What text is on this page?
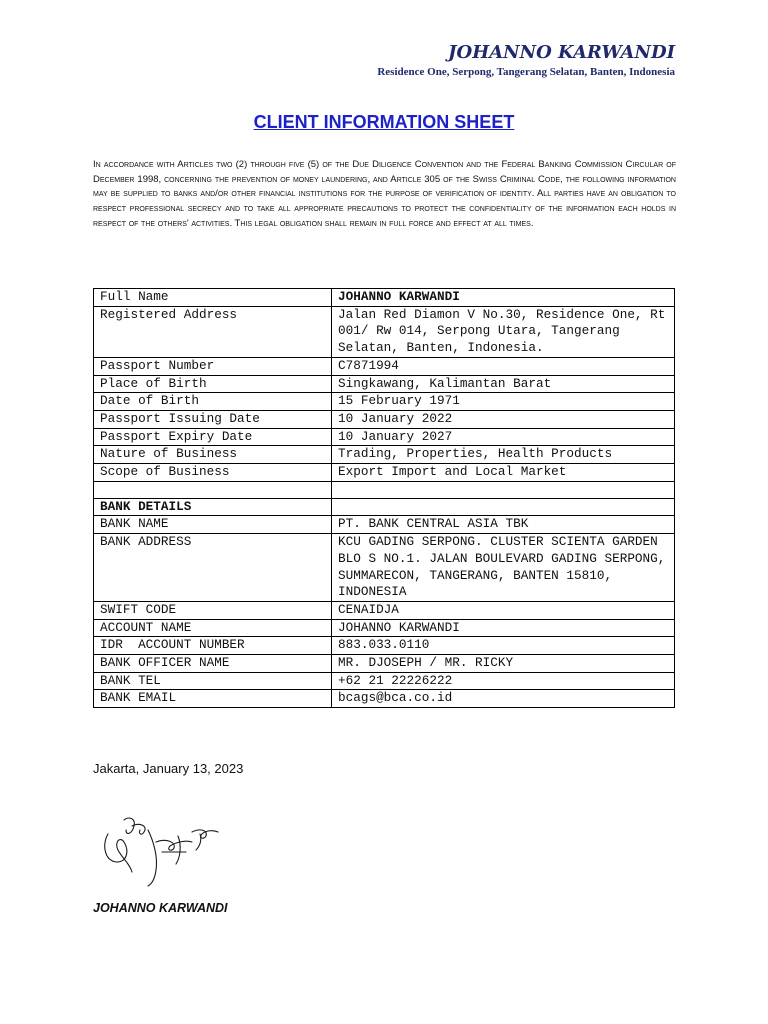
JOHANNO KARWANDI
Residence One, Serpong, Tangerang Selatan, Banten, Indonesia
CLIENT INFORMATION SHEET
In accordance with Articles two (2) through five (5) of the Due Diligence Convention and the Federal Banking Commission Circular of December 1998, concerning the prevention of money laundering, and Article 305 of the Swiss Criminal Code, the following information may be supplied to banks and/or other financial institutions for the purpose of verification of identity. All parties have an obligation to respect professional secrecy and to take all appropriate precautions to protect the confidentiality of the information each holds in respect of the others' activities. This legal obligation shall remain in full force and effect at all times.
Full Name	JOHANNO KARWANDI
Registered Address	Jalan Red Diamon V No.30, Residence One, Rt 001/ Rw 014, Serpong Utara, Tangerang Selatan, Banten, Indonesia.
Passport Number	C7871994
Place of Birth	Singkawang, Kalimantan Barat
Date of Birth	15 February 1971
Passport Issuing Date	10 January 2022
Passport Expiry Date	10 January 2027
Nature of Business	Trading, Properties, Health Products
Scope of Business	Export Import and Local Market

BANK DETAILS	
BANK NAME	PT. BANK CENTRAL ASIA TBK
BANK ADDRESS	KCU GADING SERPONG. CLUSTER SCIENTA GARDEN BLO S NO.1. JALAN BOULEVARD GADING SERPONG, SUMMARECON, TANGERANG, BANTEN 15810, INDONESIA
SWIFT CODE	CENAIDJA
ACCOUNT NAME	JOHANNO KARWANDI
IDR  ACCOUNT NUMBER	883.033.0110
BANK OFFICER NAME	MR. DJOSEPH / MR. RICKY
BANK TEL	+62 21 22226222
BANK EMAIL	bcags@bca.co.id
Jakarta, January 13, 2023
JOHANNO KARWANDI
